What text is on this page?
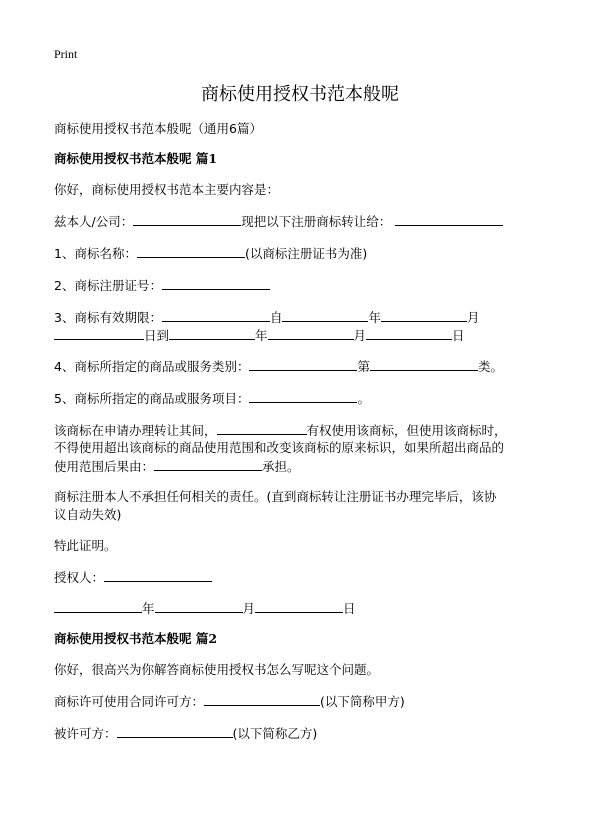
Print
商标使用授权书范本般呢
商标使用授权书范本般呢（通用6篇）
商标使用授权书范本般呢 篇1
你好，商标使用授权书范本主要内容是：
兹本人/公司：	现把以下注册商标转让给：
1、商标名称：	(以商标注册证书为准)
2、商标注册证号：
3、商标有效期限：	自	年	月
日到	年	月	日
4、商标所指定的商品或服务类别：	第	类。
5、商标所指定的商品或服务项目：	。
该商标在申请办理转让其间，	有权使用该商标，但使用该商标时，
不得使用超出该商标的商品使用范围和改变该商标的原来标识，如果所超出商品的
使用范围后果由：	承担。
商标注册本人不承担任何相关的责任。(直到商标转让注册证书办理完毕后，该协
议自动失效)
特此证明。
授权人：
年	月	日
商标使用授权书范本般呢 篇2
你好，很高兴为你解答商标使用授权书怎么写呢这个问题。
商标许可使用合同许可方：	(以下简称甲方)
被许可方：	(以下简称乙方)
